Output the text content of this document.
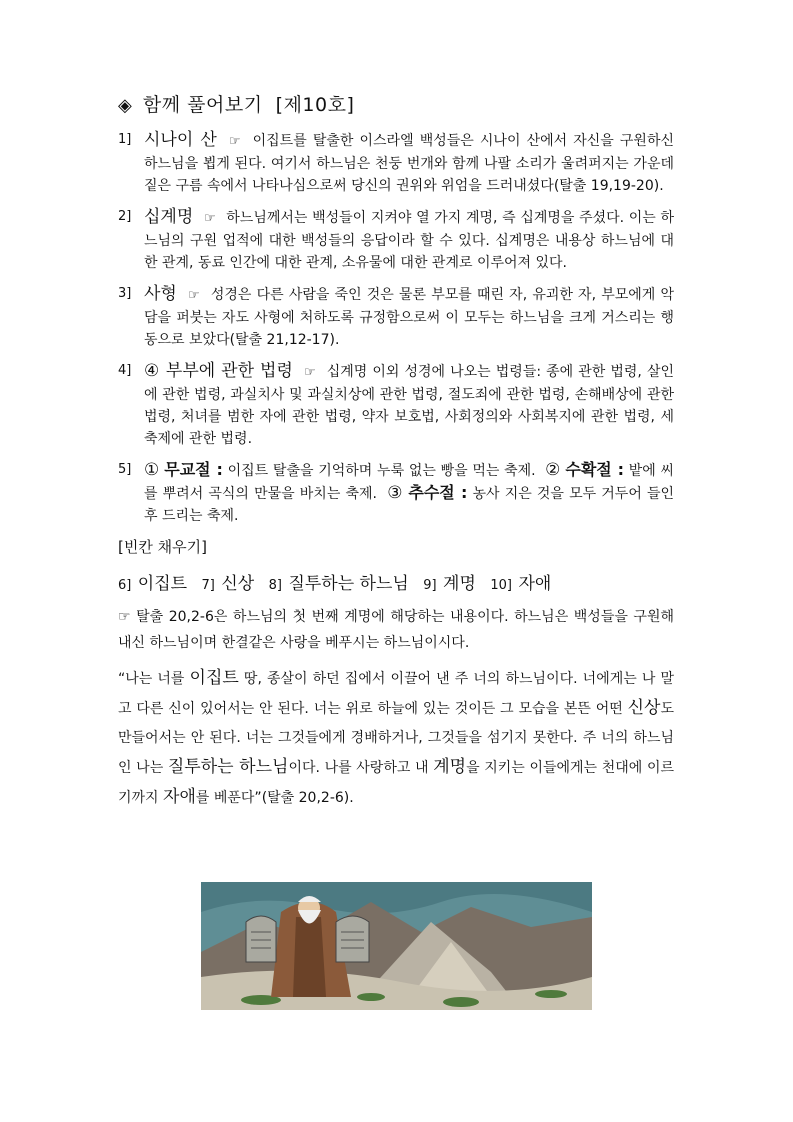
◈ 함께 풀어보기 [제10호]
1] 시나이 산 ☞ 이집트를 탈출한 이스라엘 백성들은 시나이 산에서 자신을 구원하신 하느님을 뵙게 된다. 여기서 하느님은 천둥 번개와 함께 나팔 소리가 울려퍼지는 가운데 짙은 구름 속에서 나타나심으로써 당신의 권위와 위엄을 드러내셨다(탈출 19,19-20).
2] 십계명 ☞ 하느님께서는 백성들이 지켜야 열 가지 계명, 즉 십계명을 주셨다. 이는 하느님의 구원 업적에 대한 백성들의 응답이라 할 수 있다. 십계명은 내용상 하느님에 대한 관계, 동료 인간에 대한 관계, 소유물에 대한 관계로 이루어져 있다.
3] 사형 ☞ 성경은 다른 사람을 죽인 것은 물론 부모를 때린 자, 유괴한 자, 부모에게 악담을 퍼붓는 자도 사형에 처하도록 규정함으로써 이 모두는 하느님을 크게 거스리는 행동으로 보았다(탈출 21,12-17).
4] ④ 부부에 관한 법령 ☞ 십계명 이외 성경에 나오는 법령들: 종에 관한 법령, 살인에 관한 법령, 과실치사 및 과실치상에 관한 법령, 절도죄에 관한 법령, 손해배상에 관한 법령, 처녀를 범한 자에 관한 법령, 약자 보호법, 사회정의와 사회복지에 관한 법령, 세 축제에 관한 법령.
5] ① 무교절 : 이집트 탈출을 기억하며 누룩 없는 빵을 먹는 축제. ② 수확절 : 밭에 씨를 뿌려서 곡식의 만물을 바치는 축제. ③ 추수절 : 농사 지은 것을 모두 거두어 들인 후 드리는 축제.
[빈칸 채우기]
6] 이집트 7] 신상 8] 질투하는 하느님 9] 계명 10] 자애
☞ 탈출 20,2-6은 하느님의 첫 번째 계명에 해당하는 내용이다. 하느님은 백성들을 구원해 내신 하느님이며 한결같은 사랑을 베푸시는 하느님이시다.
“나는 너를 이집트 땅, 종살이 하던 집에서 이끌어 낸 주 너의 하느님이다. 너에게는 나 말고 다른 신이 있어서는 안 된다. 너는 위로 하늘에 있는 것이든 그 모습을 본뜬 어떤 신상도 만들어서는 안 된다. 너는 그것들에게 경배하거나, 그것들을 섬기지 못한다. 주 너의 하느님인 나는 질투하는 하느님이다. 나를 사랑하고 내 계명을 지키는 이들에게는 천대에 이르기까지 자애를 베푼다”(탈출 20,2-6).
